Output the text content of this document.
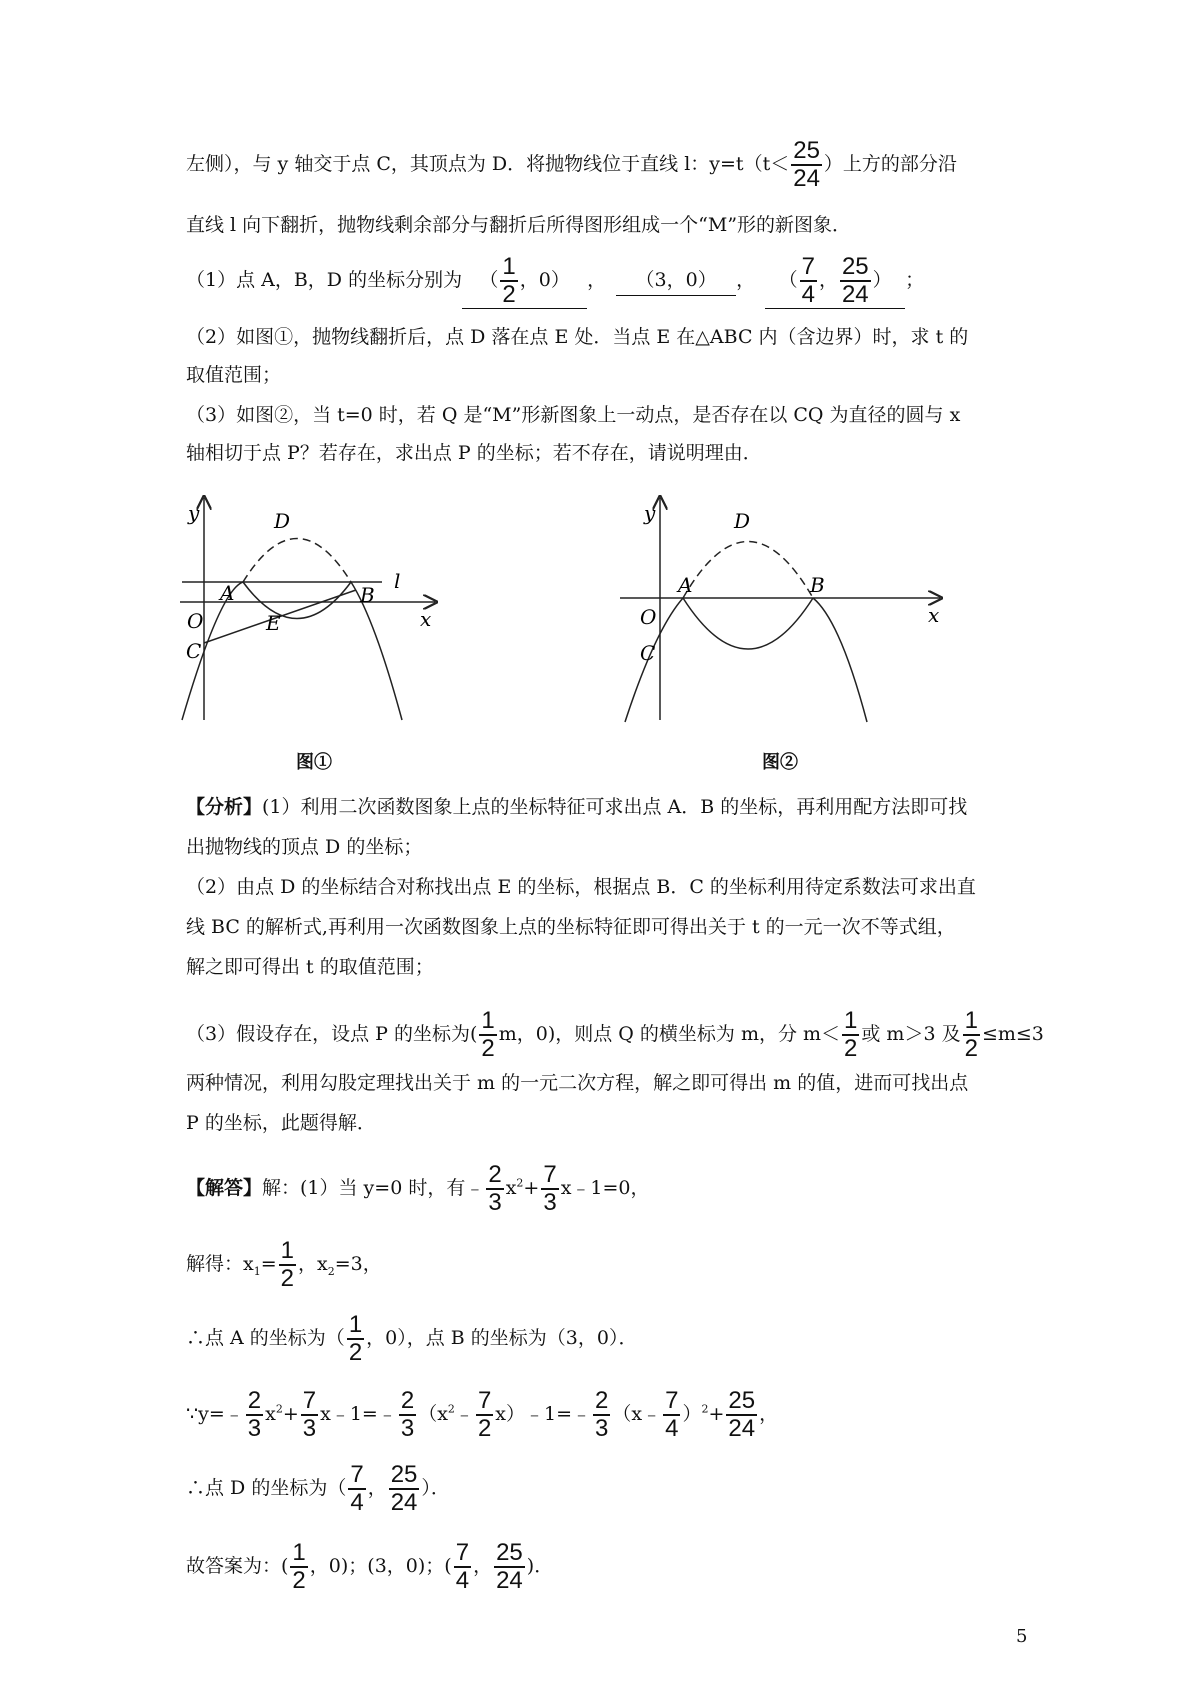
左侧），与 y 轴交于点 C，其顶点为 D．将抛物线位于直线 l：$y=t(t< \frac{25}{24}$ ）上方的部分沿
直线 l 向下翻折，抛物线剩余部分与翻折后所得图形组成一个“M”形的新图象．
（1）点 A，B，D 的坐标分别为 （ $\frac{1}{2}$ ，0） ， （3，0） ， （ $\frac{7}{4}$ ， $\frac{25}{24}$ ） ；
（2）如图①，抛物线翻折后，点 D 落在点 E 处．当点 E 在△ABC 内（含边界）时，求 t 的
取值范围；
（3）如图②，当 t=0 时，若 Q 是“M”形新图象上一动点，是否存在以 CQ 为直径的圆与 x
轴相切于点 P？若存在，求出点 P 的坐标；若不存在，请说明理由．
y
x
O
A	B
C
D
E
l
图①
y
x
O
A	B
C
D
图②
【分析】(1）利用二次函数图象上点的坐标特征可求出点 A．B 的坐标，再利用配方法即可找
出抛物线的顶点 D 的坐标；
（2）由点 D 的坐标结合对称找出点 E 的坐标，根据点 B．C 的坐标利用待定系数法可求出直
线 BC 的解析式,再利用一次函数图象上点的坐标特征即可得出关于 t 的一元一次不等式组，
解之即可得出 t 的取值范围；
（3）假设存在，设点 P 的坐标为( $\frac{1}{2}$ m，0)，则点 Q 的横坐标为 m，分 $m< \frac{1}{2}$ 或 m＞3 及 $\frac{1}{2} \le m\le 3$
两种情况，利用勾股定理找出关于 m 的一元二次方程，解之即可得出 m 的值，进而可找出点
P 的坐标，此题得解．
【解答】解：(1）当 y=0 时，有﹣ $\frac{2}{3} x^2+ \frac{7}{3}$ x﹣1=0，
解得：$x_1= \frac{1}{2}$ ，$x_2=3$，
∴点 A 的坐标为（ $\frac{1}{2}$ ，0），点 B 的坐标为（3，0）．
∵y=﹣ $\frac{2}{3} x^2+ \frac{7}{3}$ x﹣1=﹣ $\frac{2}{3}$ （$x^2﹣ \frac{7}{2}$ x）﹣1=﹣ $\frac{2}{3}$ （x﹣ $\frac{7}{4} )^2+ \frac{25}{24}$ ，
∴点 D 的坐标为（ $\frac{7}{4}$ ， $\frac{25}{24}$ ）．
故答案为：( $\frac{1}{2}$ ，0)；(3，0)；( $\frac{7}{4}$ ， $\frac{25}{24}$ )．
5
